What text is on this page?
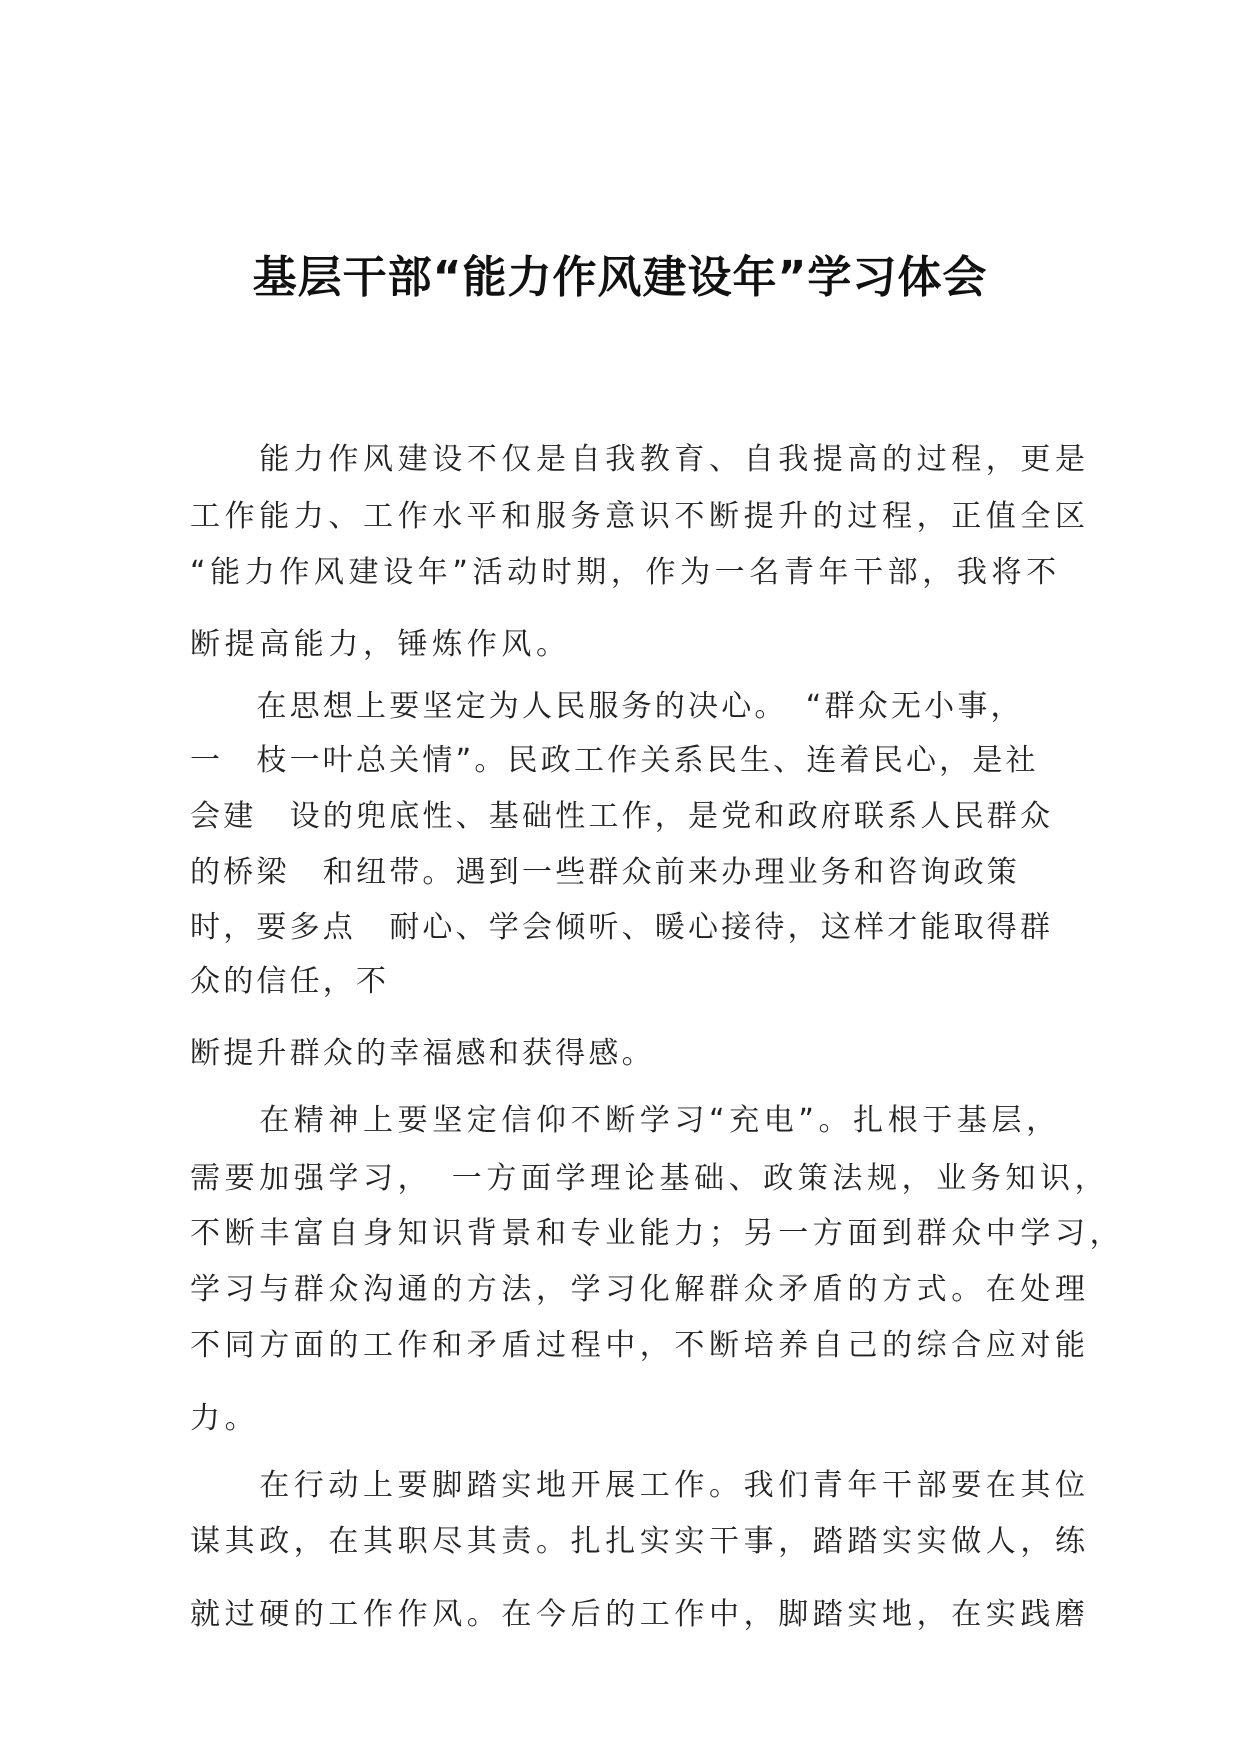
基层干部“能力作风建设年”学习体会
　　能力作风建设不仅是自我教育、自我提高的过程，更是
工作能力、工作水平和服务意识不断提升的过程，正值全区
“能力作风建设年”活动时期，作为一名青年干部，我将不
断提高能力，锤炼作风。
　　在思想上要坚定为人民服务的决心。　“群众无小事，
一　枝一叶总关情”。民政工作关系民生、连着民心，是社
会建　设的兜底性、基础性工作，是党和政府联系人民群众
的桥梁　和纽带。遇到一些群众前来办理业务和咨询政策
时，要多点　耐心、学会倾听、暖心接待，这样才能取得群
众的信任，不
断提升群众的幸福感和获得感。
　　在精神上要坚定信仰不断学习“充电”。扎根于基层，
需要加强学习，　一方面学理论基础、政策法规，业务知识，
不断丰富自身知识背景和专业能力；另一方面到群众中学习，
学习与群众沟通的方法，学习化解群众矛盾的方式。在处理
不同方面的工作和矛盾过程中，不断培养自己的综合应对能
力。
　　在行动上要脚踏实地开展工作。我们青年干部要在其位
谋其政，在其职尽其责。扎扎实实干事，踏踏实实做人，练
就过硬的工作作风。在今后的工作中，脚踏实地，在实践磨
